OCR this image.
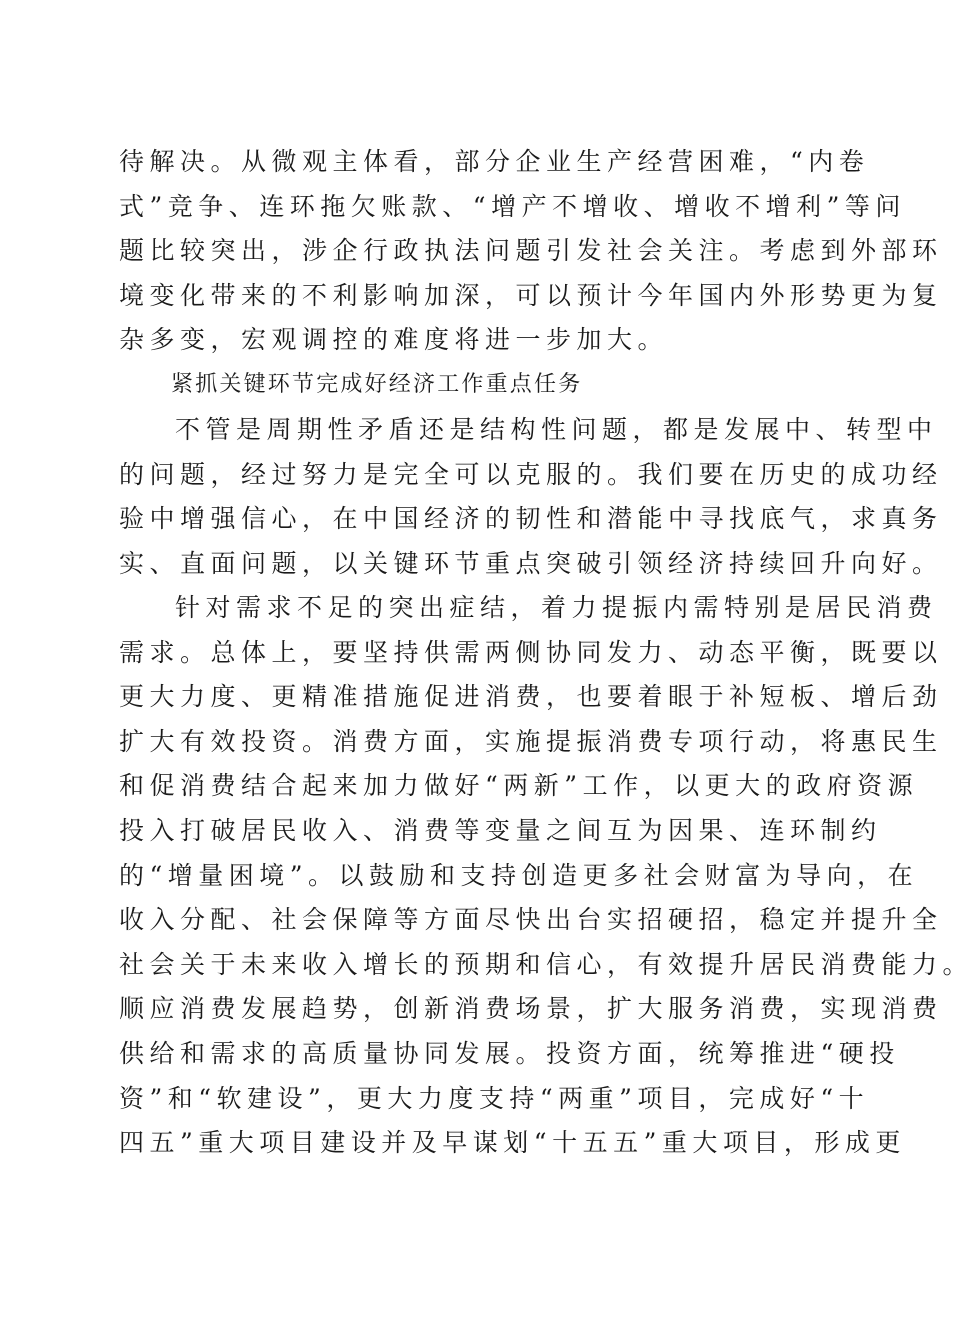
待解决。从微观主体看，部分企业生产经营困难，“内卷
式”竞争、连环拖欠账款、“增产不增收、增收不增利”等问
题比较突出，涉企行政执法问题引发社会关注。考虑到外部环
境变化带来的不利影响加深，可以预计今年国内外形势更为复
杂多变，宏观调控的难度将进一步加大。
紧抓关键环节完成好经济工作重点任务
不管是周期性矛盾还是结构性问题，都是发展中、转型中
的问题，经过努力是完全可以克服的。我们要在历史的成功经
验中增强信心，在中国经济的韧性和潜能中寻找底气，求真务
实、直面问题，以关键环节重点突破引领经济持续回升向好。
针对需求不足的突出症结，着力提振内需特别是居民消费
需求。总体上，要坚持供需两侧协同发力、动态平衡，既要以
更大力度、更精准措施促进消费，也要着眼于补短板、增后劲
扩大有效投资。消费方面，实施提振消费专项行动，将惠民生
和促消费结合起来加力做好“两新”工作，以更大的政府资源
投入打破居民收入、消费等变量之间互为因果、连环制约
的“增量困境”。以鼓励和支持创造更多社会财富为导向，在
收入分配、社会保障等方面尽快出台实招硬招，稳定并提升全
社会关于未来收入增长的预期和信心，有效提升居民消费能力。
顺应消费发展趋势，创新消费场景，扩大服务消费，实现消费
供给和需求的高质量协同发展。投资方面，统筹推进“硬投
资”和“软建设”，更大力度支持“两重”项目，完成好“十
四五”重大项目建设并及早谋划“十五五”重大项目，形成更
